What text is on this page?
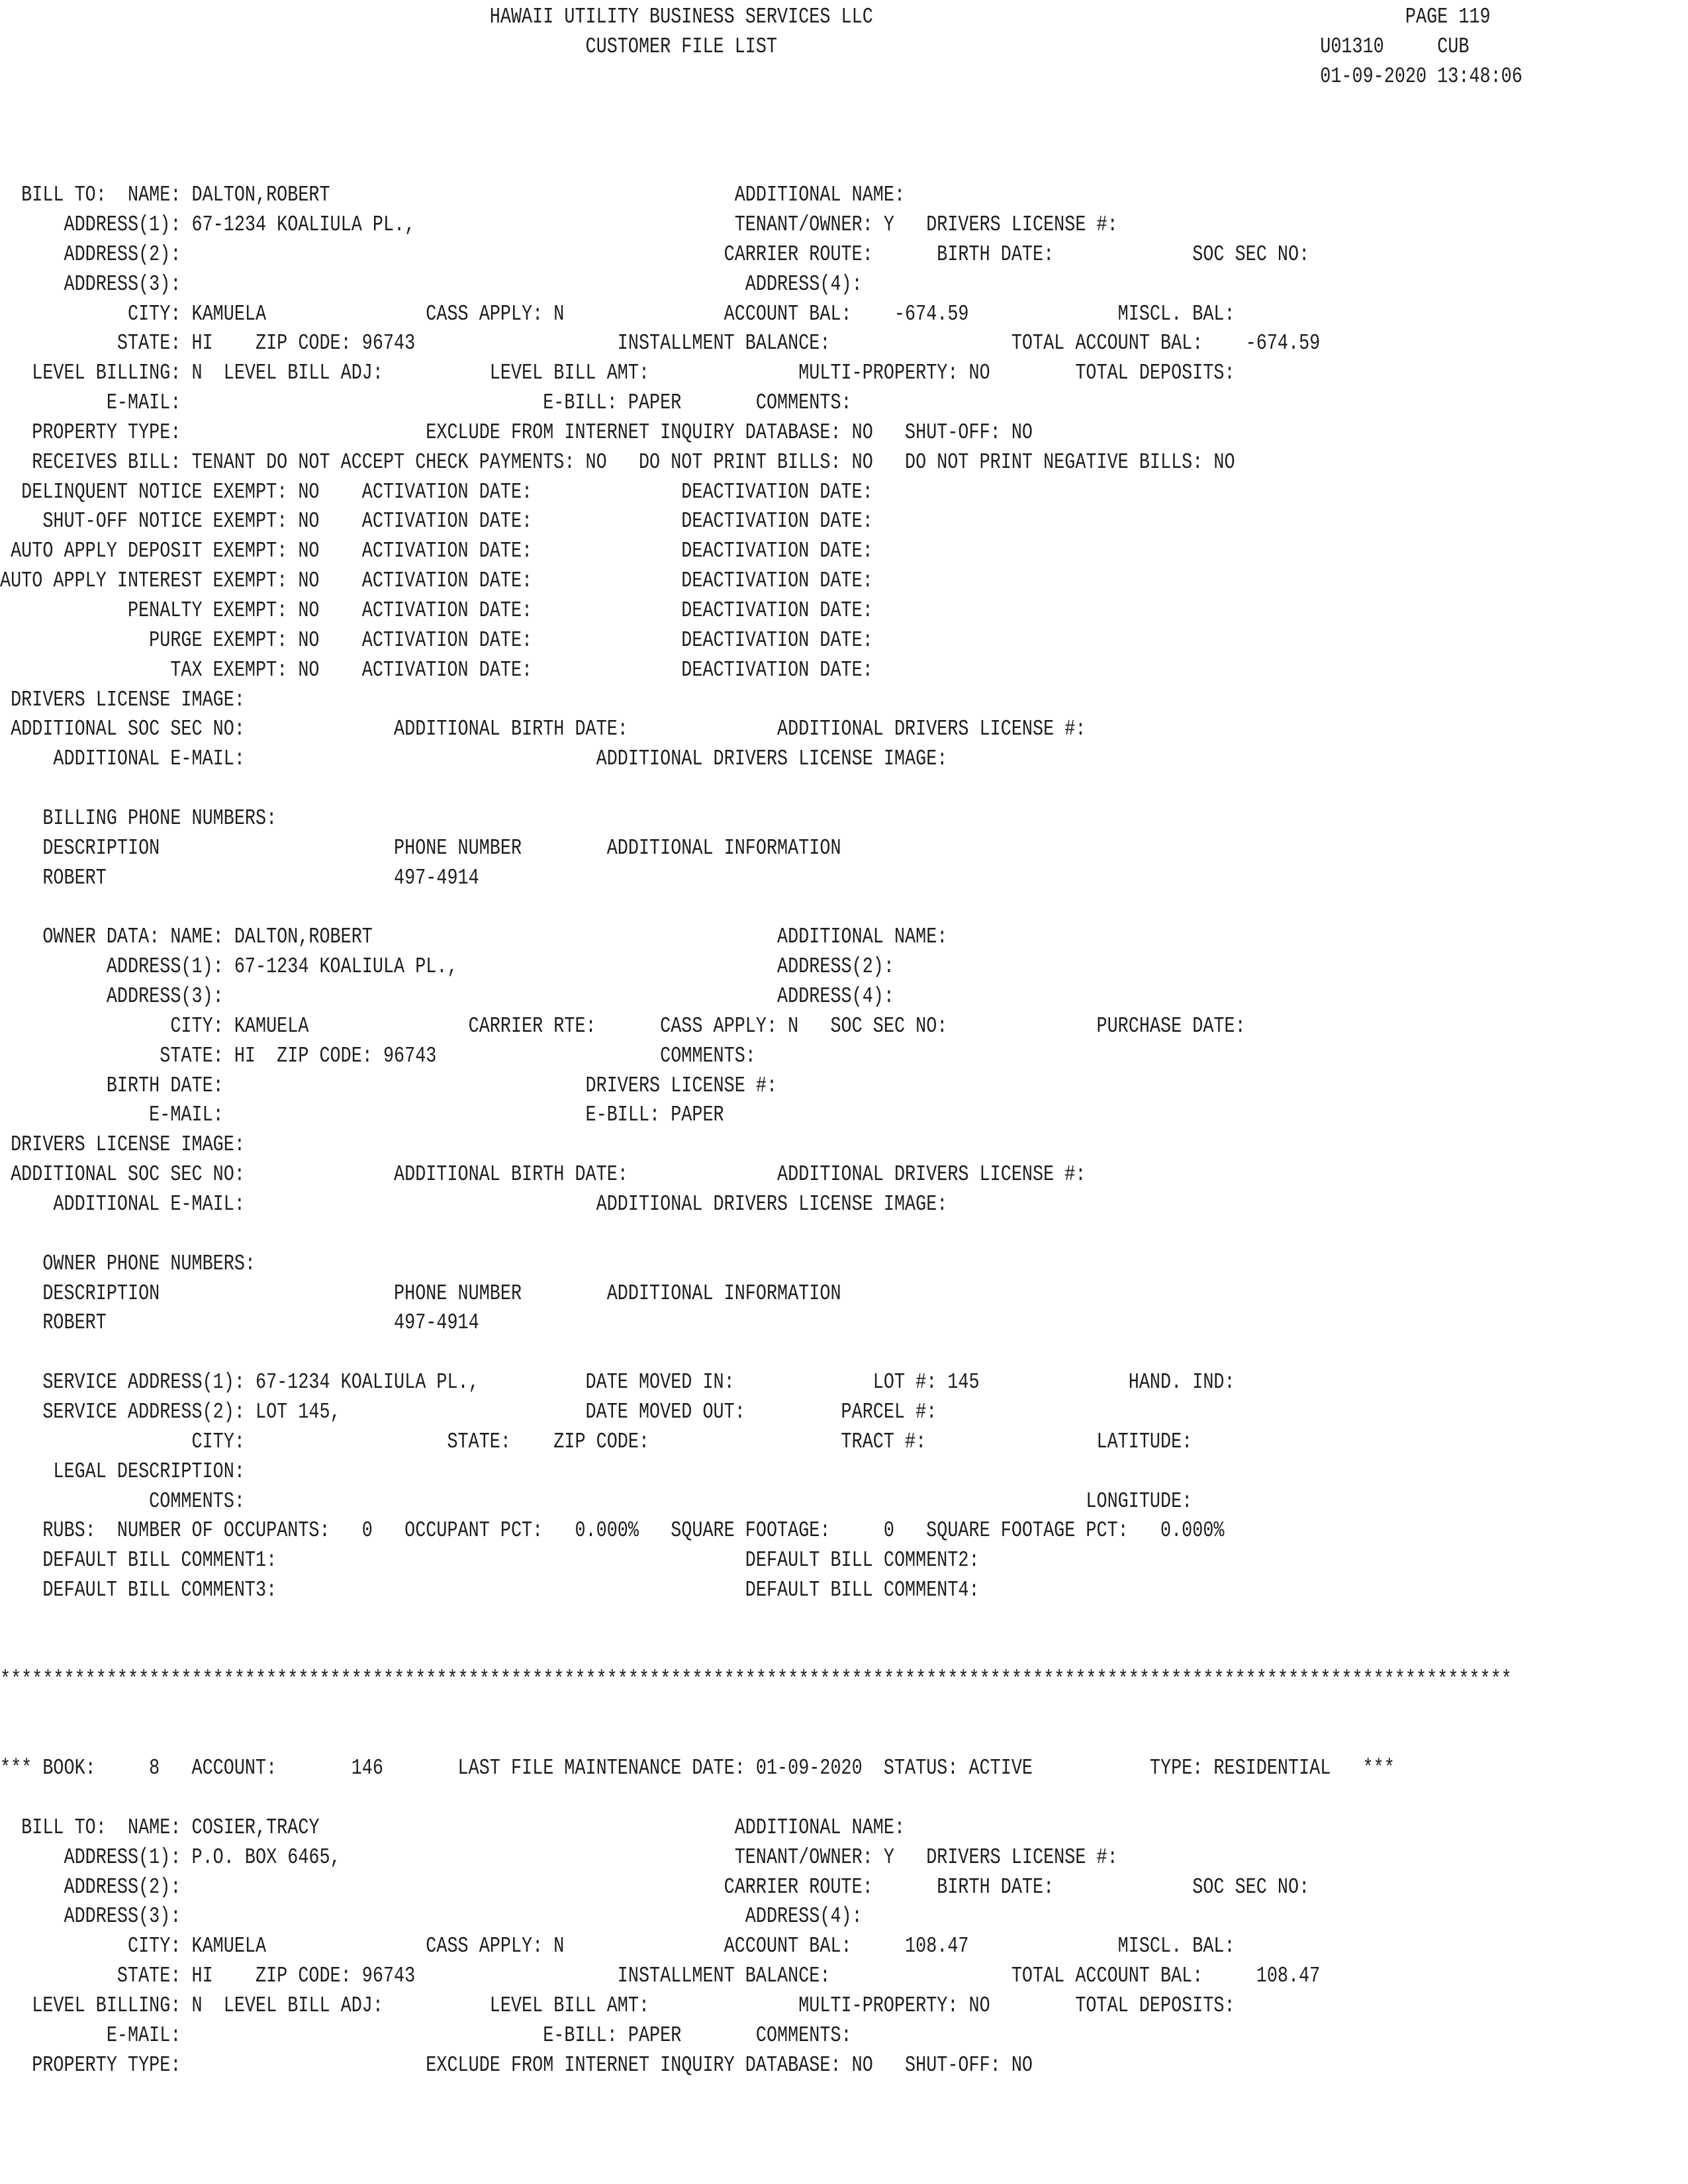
HAWAII UTILITY BUSINESS SERVICES LLC                                                  PAGE 119
CUSTOMER FILE LIST                                                   U01310     CUB
01-09-2020 13:48:06
BILL TO:  NAME: DALTON,ROBERT                                      ADDITIONAL NAME:
ADDRESS(1): 67-1234 KOALIULA PL.,                              TENANT/OWNER: Y   DRIVERS LICENSE #:
ADDRESS(2):                                                   CARRIER ROUTE:      BIRTH DATE:             SOC SEC NO:
ADDRESS(3):                                                     ADDRESS(4):
CITY: KAMUELA               CASS APPLY: N               ACCOUNT BAL:    -674.59              MISCL. BAL:
STATE: HI    ZIP CODE: 96743                   INSTALLMENT BALANCE:                 TOTAL ACCOUNT BAL:    -674.59
LEVEL BILLING: N  LEVEL BILL ADJ:          LEVEL BILL AMT:              MULTI-PROPERTY: NO        TOTAL DEPOSITS:
E-MAIL:                                  E-BILL: PAPER       COMMENTS:
PROPERTY TYPE:                       EXCLUDE FROM INTERNET INQUIRY DATABASE: NO   SHUT-OFF: NO
RECEIVES BILL: TENANT DO NOT ACCEPT CHECK PAYMENTS: NO   DO NOT PRINT BILLS: NO   DO NOT PRINT NEGATIVE BILLS: NO
DELINQUENT NOTICE EXEMPT: NO    ACTIVATION DATE:              DEACTIVATION DATE:
SHUT-OFF NOTICE EXEMPT: NO    ACTIVATION DATE:              DEACTIVATION DATE:
AUTO APPLY DEPOSIT EXEMPT: NO    ACTIVATION DATE:              DEACTIVATION DATE:
AUTO APPLY INTEREST EXEMPT: NO    ACTIVATION DATE:              DEACTIVATION DATE:
PENALTY EXEMPT: NO    ACTIVATION DATE:              DEACTIVATION DATE:
PURGE EXEMPT: NO    ACTIVATION DATE:              DEACTIVATION DATE:
TAX EXEMPT: NO    ACTIVATION DATE:              DEACTIVATION DATE:
DRIVERS LICENSE IMAGE:
ADDITIONAL SOC SEC NO:              ADDITIONAL BIRTH DATE:              ADDITIONAL DRIVERS LICENSE #:
ADDITIONAL E-MAIL:                                 ADDITIONAL DRIVERS LICENSE IMAGE:
BILLING PHONE NUMBERS:
DESCRIPTION                      PHONE NUMBER        ADDITIONAL INFORMATION
ROBERT                           497-4914
OWNER DATA: NAME: DALTON,ROBERT                                      ADDITIONAL NAME:
ADDRESS(1): 67-1234 KOALIULA PL.,                              ADDRESS(2):
ADDRESS(3):                                                    ADDRESS(4):
CITY: KAMUELA               CARRIER RTE:      CASS APPLY: N   SOC SEC NO:              PURCHASE DATE:
STATE: HI  ZIP CODE: 96743                     COMMENTS:
BIRTH DATE:                                  DRIVERS LICENSE #:
E-MAIL:                                  E-BILL: PAPER
DRIVERS LICENSE IMAGE:
ADDITIONAL SOC SEC NO:              ADDITIONAL BIRTH DATE:              ADDITIONAL DRIVERS LICENSE #:
ADDITIONAL E-MAIL:                                 ADDITIONAL DRIVERS LICENSE IMAGE:
OWNER PHONE NUMBERS:
DESCRIPTION                      PHONE NUMBER        ADDITIONAL INFORMATION
ROBERT                           497-4914
SERVICE ADDRESS(1): 67-1234 KOALIULA PL.,          DATE MOVED IN:             LOT #: 145              HAND. IND:
SERVICE ADDRESS(2): LOT 145,                       DATE MOVED OUT:         PARCEL #:
CITY:                   STATE:    ZIP CODE:                  TRACT #:                LATITUDE:
LEGAL DESCRIPTION:
COMMENTS:                                                                               LONGITUDE:
RUBS:  NUMBER OF OCCUPANTS:   0   OCCUPANT PCT:   0.000%   SQUARE FOOTAGE:     0   SQUARE FOOTAGE PCT:   0.000%
DEFAULT BILL COMMENT1:                                            DEFAULT BILL COMMENT2:
DEFAULT BILL COMMENT3:                                            DEFAULT BILL COMMENT4:
**********************************************************************************************************************************************
*** BOOK:     8   ACCOUNT:       146       LAST FILE MAINTENANCE DATE: 01-09-2020  STATUS: ACTIVE           TYPE: RESIDENTIAL   ***
BILL TO:  NAME: COSIER,TRACY                                       ADDITIONAL NAME:
ADDRESS(1): P.O. BOX 6465,                                     TENANT/OWNER: Y   DRIVERS LICENSE #:
ADDRESS(2):                                                   CARRIER ROUTE:      BIRTH DATE:             SOC SEC NO:
ADDRESS(3):                                                     ADDRESS(4):
CITY: KAMUELA               CASS APPLY: N               ACCOUNT BAL:     108.47              MISCL. BAL:
STATE: HI    ZIP CODE: 96743                   INSTALLMENT BALANCE:                 TOTAL ACCOUNT BAL:     108.47
LEVEL BILLING: N  LEVEL BILL ADJ:          LEVEL BILL AMT:              MULTI-PROPERTY: NO        TOTAL DEPOSITS:
E-MAIL:                                  E-BILL: PAPER       COMMENTS:
PROPERTY TYPE:                       EXCLUDE FROM INTERNET INQUIRY DATABASE: NO   SHUT-OFF: NO
